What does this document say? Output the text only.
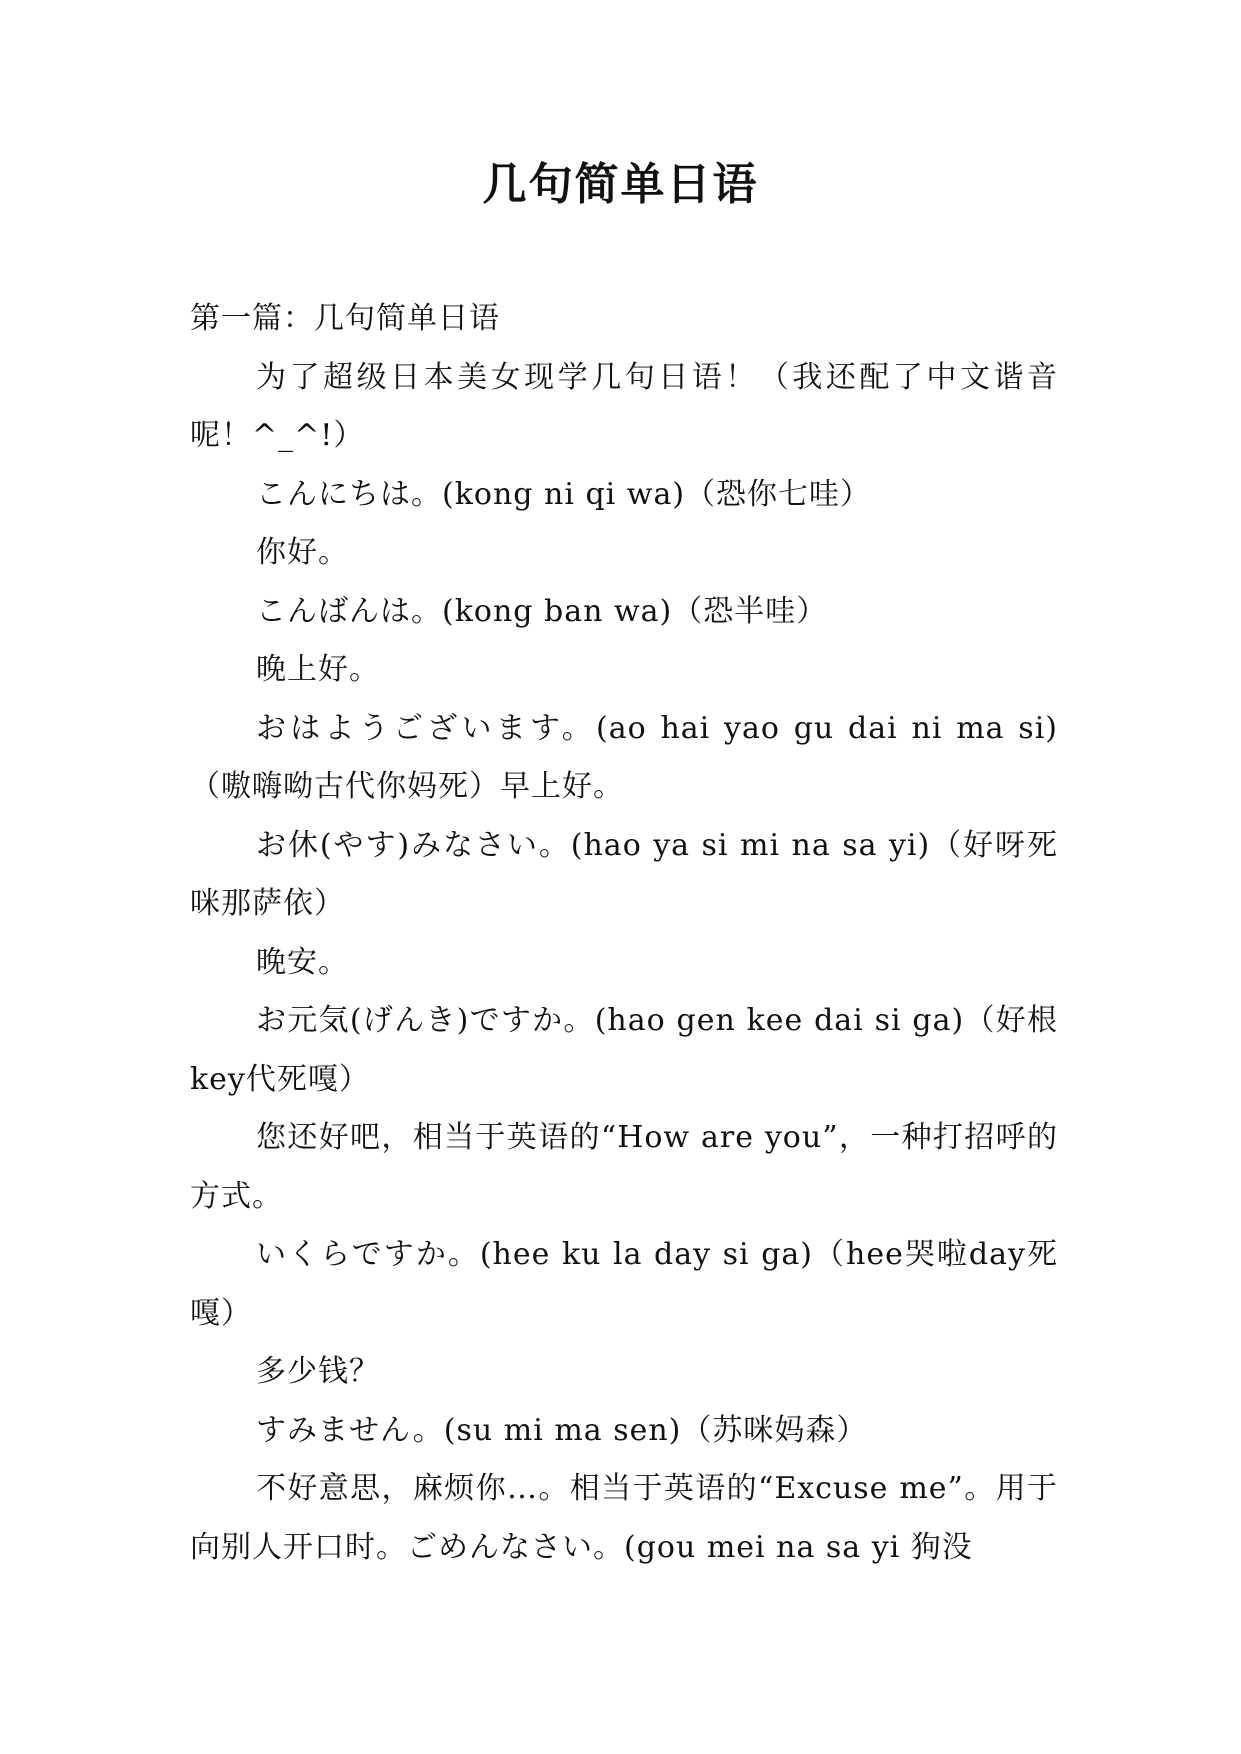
几句简单日语

第一篇：几句简单日语

为了超级日本美女现学几句日语！（我还配了中文谐音呢！^_^!）

こんにちは。(kong ni qi wa)（恐你七哇）

你好。

こんばんは。(kong ban wa)（恐半哇）

晚上好。

おはようございます。(ao hai yao gu dai ni ma si)（嗷嗨呦古代你妈死）早上好。

お休(やす)みなさい。(hao ya si mi na sa yi)（好呀死咪那萨依）

晚安。

お元気(げんき)ですか。(hao gen kee dai si ga)（好根key代死嘎）

您还好吧，相当于英语的“How are you”，一种打招呼的方式。

いくらですか。(hee ku la day si ga)（hee哭啦day死嘎）

多少钱？

すみません。(su mi ma sen)（苏咪妈森）

不好意思，麻烦你…。相当于英语的“Excuse me”。用于向别人开口时。ごめんなさい。(gou mei na sa yi 狗没
